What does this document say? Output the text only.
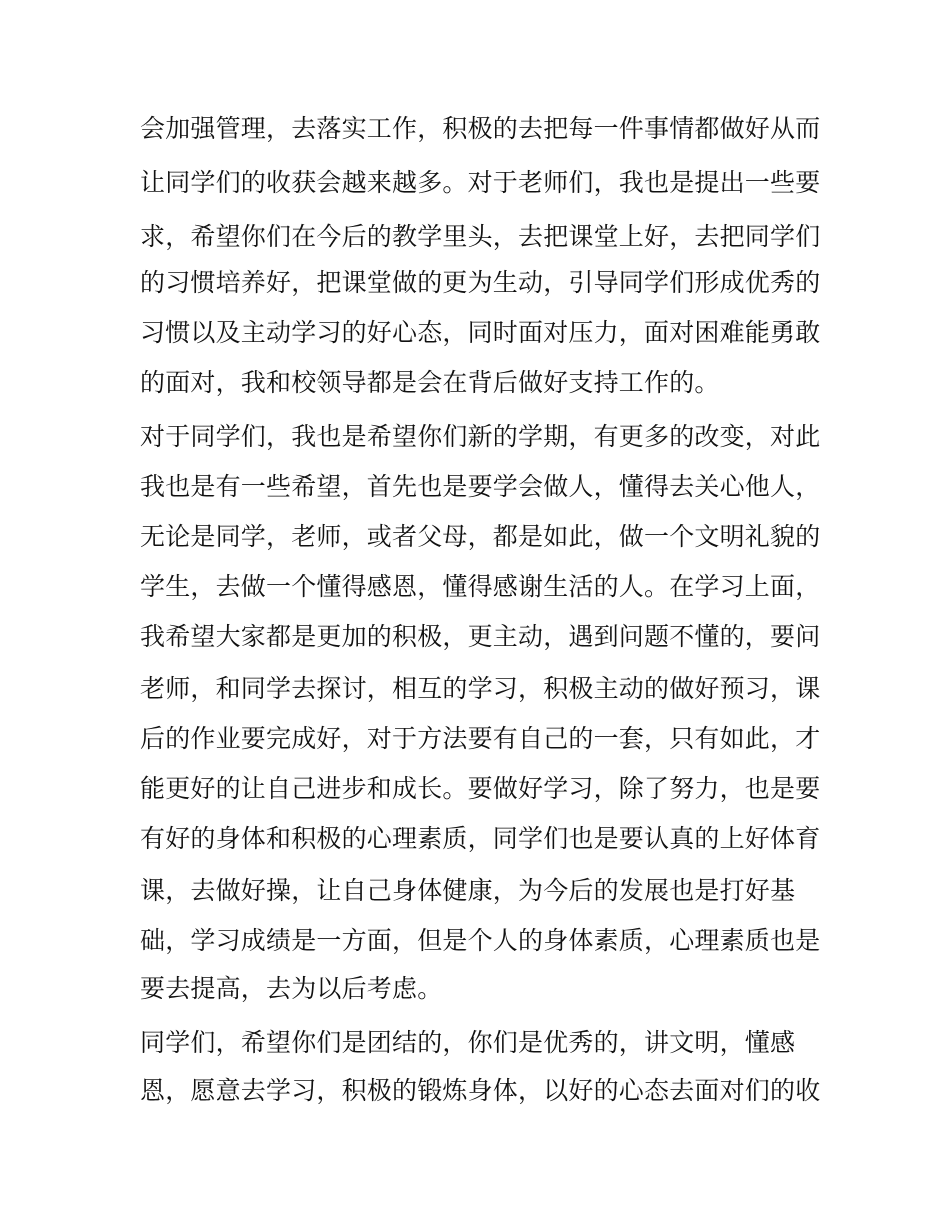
会加强管理，去落实工作，积极的去把每一件事情都做好从而
让同学们的收获会越来越多。对于老师们，我也是提出一些要
求，希望你们在今后的教学里头，去把课堂上好，去把同学们
的习惯培养好，把课堂做的更为生动，引导同学们形成优秀的
习惯以及主动学习的好心态，同时面对压力，面对困难能勇敢
的面对，我和校领导都是会在背后做好支持工作的。
对于同学们，我也是希望你们新的学期，有更多的改变，对此
我也是有一些希望，首先也是要学会做人，懂得去关心他人，
无论是同学，老师，或者父母，都是如此，做一个文明礼貌的
学生，去做一个懂得感恩，懂得感谢生活的人。在学习上面，
我希望大家都是更加的积极，更主动，遇到问题不懂的，要问
老师，和同学去探讨，相互的学习，积极主动的做好预习，课
后的作业要完成好，对于方法要有自己的一套，只有如此，才
能更好的让自己进步和成长。要做好学习，除了努力，也是要
有好的身体和积极的心理素质，同学们也是要认真的上好体育
课，去做好操，让自己身体健康，为今后的发展也是打好基
础，学习成绩是一方面，但是个人的身体素质，心理素质也是
要去提高，去为以后考虑。
同学们，希望你们是团结的，你们是优秀的，讲文明，懂感
恩，愿意去学习，积极的锻炼身体，以好的心态去面对们的收
